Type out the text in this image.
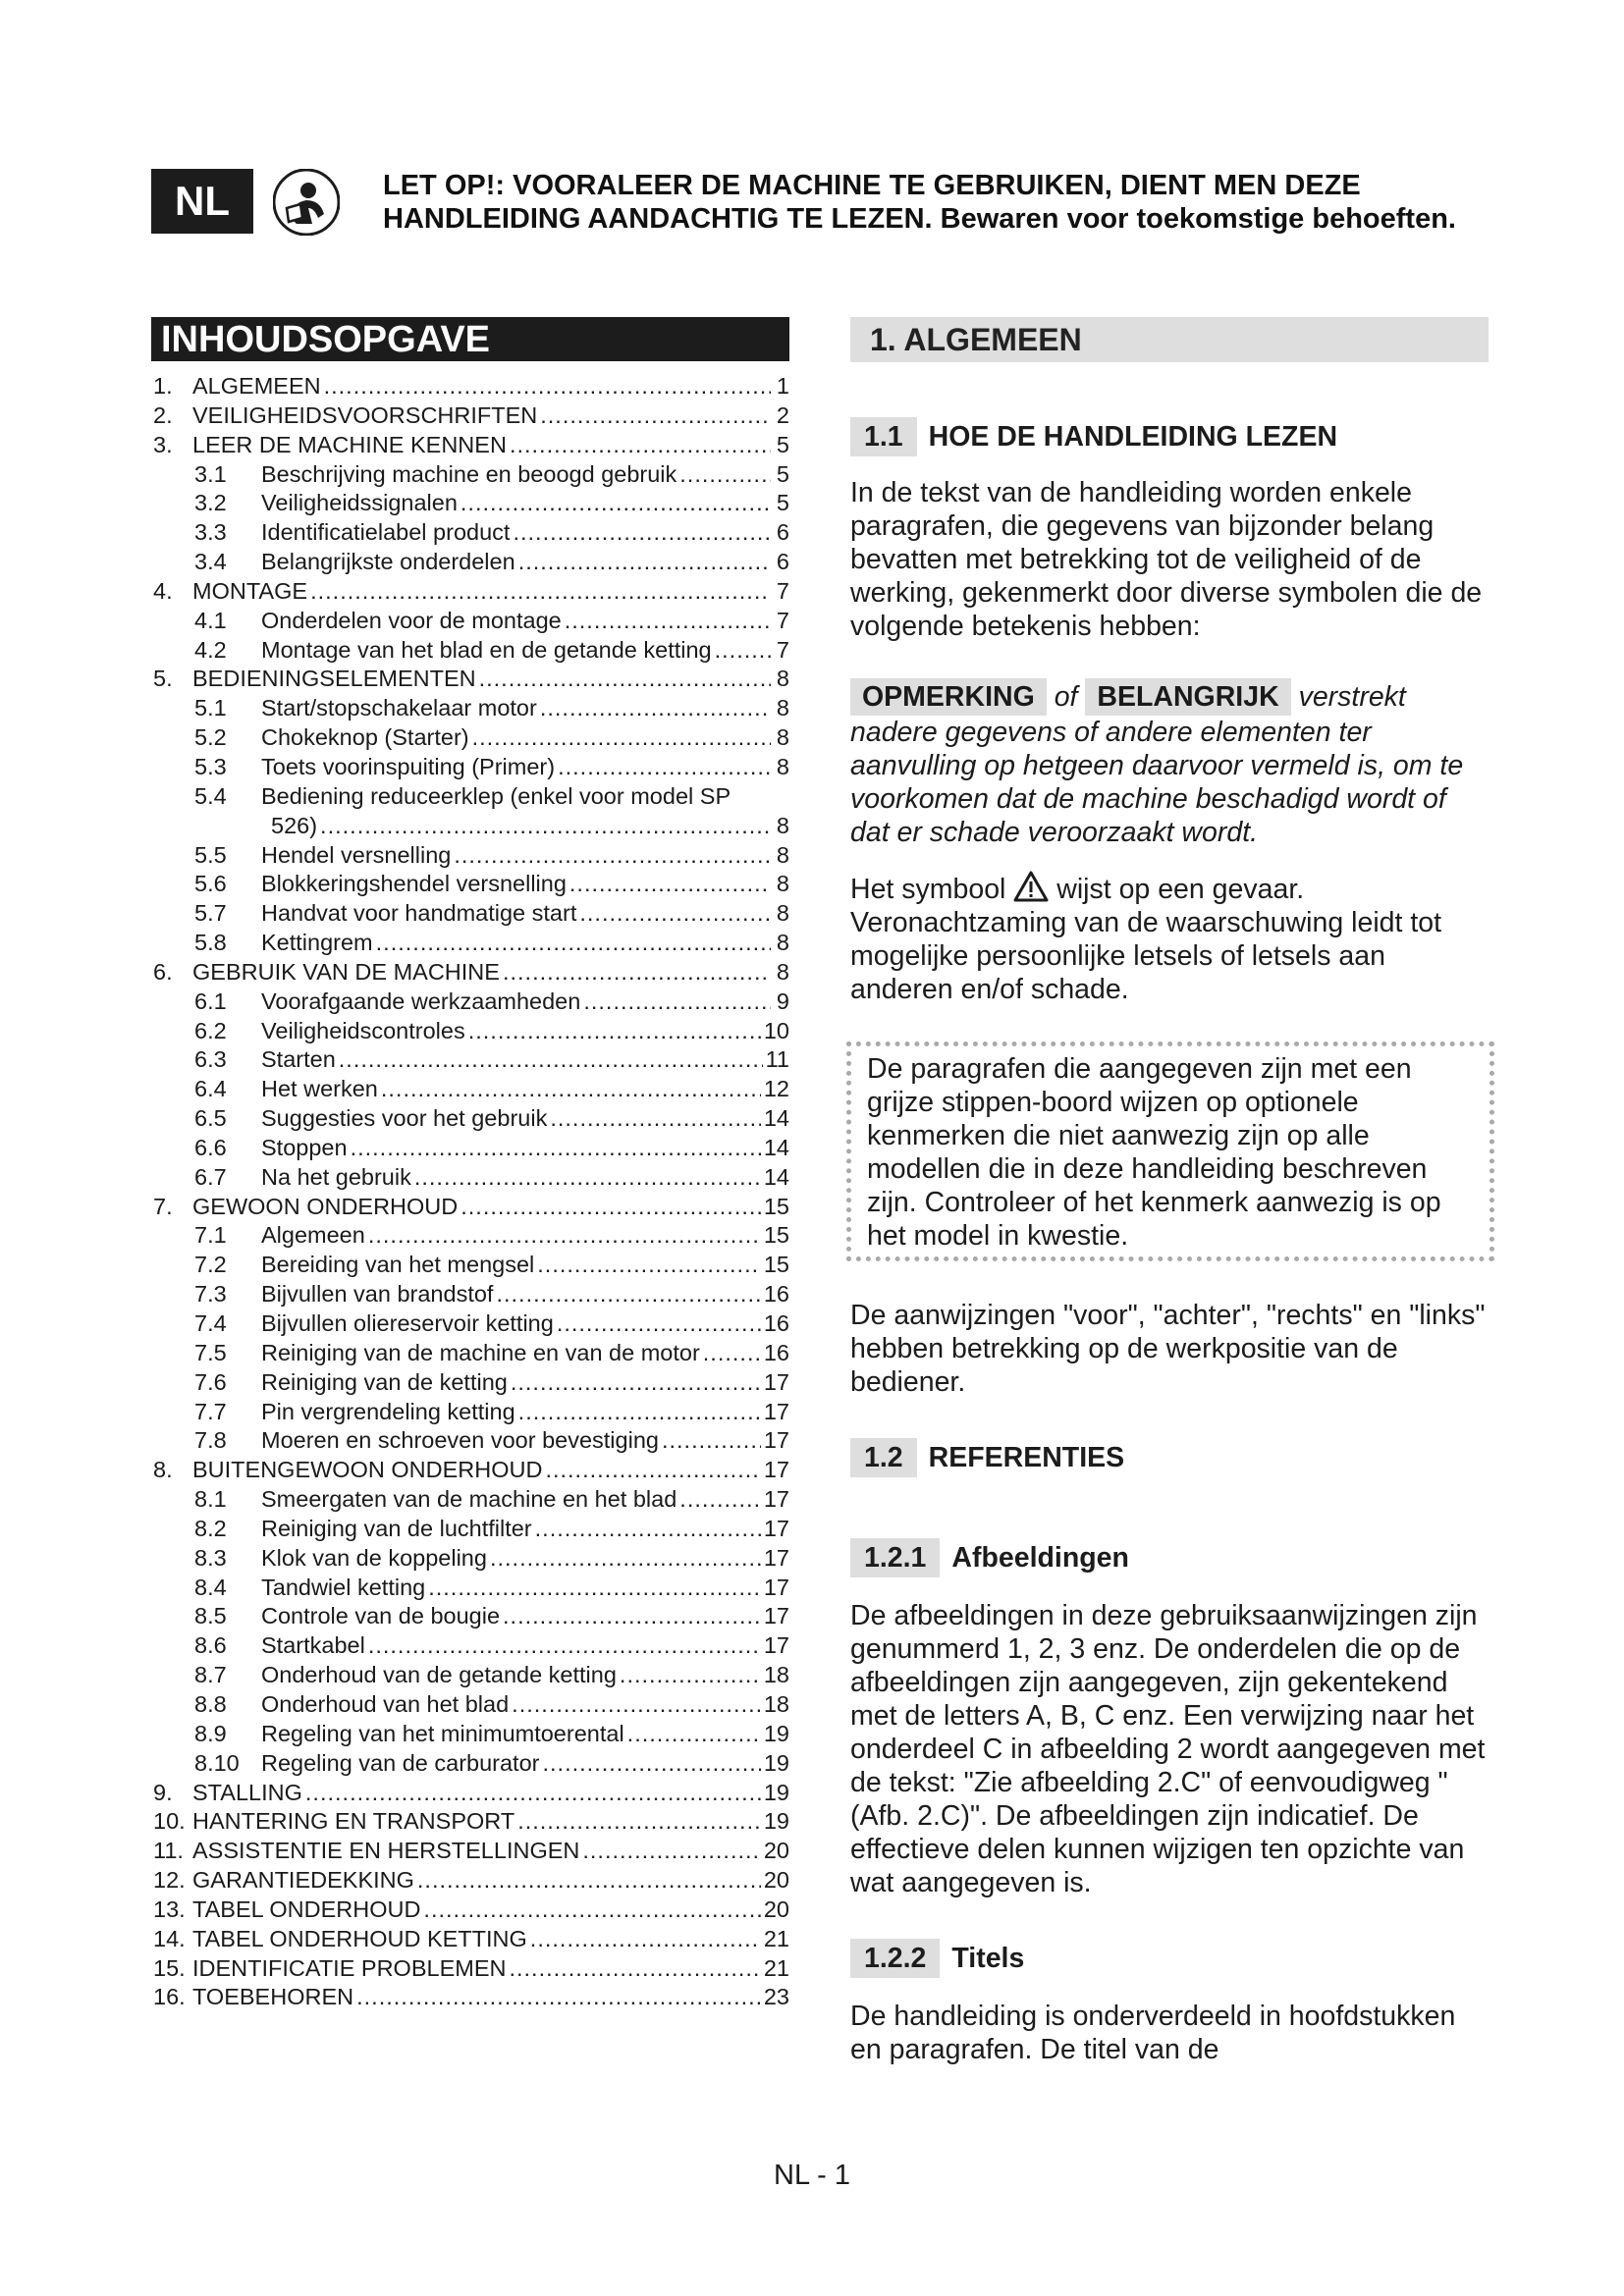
NL	LET OP!: VOORALEER DE MACHINE TE GEBRUIKEN, DIENT MEN DEZE
HANDLEIDING AANDACHTIG TE LEZEN. Bewaren voor toekomstige behoeften.
INHOUDSOPGAVE
1. ALGEMEEN .....	1
2. VEILIGHEIDSVOORSCHRIFTEN .....	2
3. LEER DE MACHINE KENNEN .....	5
3.1	Beschrijving machine en beoogd gebruik .....	5
3.2	Veiligheidssignalen .....	5
3.3	Identificatielabel product .....	6
3.4	Belangrijkste onderdelen .....	6
4. MONTAGE .....	7
4.1	Onderdelen voor de montage .....	7
4.2	Montage van het blad en de getande ketting .....	7
5. BEDIENINGSELEMENTEN .....	8
5.1	Start/stopschakelaar motor .....	8
5.2	Chokeknop (Starter) .....	8
5.3	Toets voorinspuiting (Primer) .....	8
5.4	Bediening reduceerklep (enkel voor model SP
526) .....	8
5.5	Hendel versnelling .....	8
5.6	Blokkeringshendel versnelling .....	8
5.7	Handvat voor handmatige start .....	8
5.8	Kettingrem .....	8
6. GEBRUIK VAN DE MACHINE .....	8
6.1	Voorafgaande werkzaamheden .....	9
6.2	Veiligheidscontroles .....	10
6.3	Starten .....	11
6.4	Het werken .....	12
6.5	Suggesties voor het gebruik .....	14
6.6	Stoppen .....	14
6.7	Na het gebruik .....	14
7. GEWOON ONDERHOUD .....	15
7.1	Algemeen .....	15
7.2	Bereiding van het mengsel .....	15
7.3	Bijvullen van brandstof .....	16
7.4	Bijvullen oliereservoir ketting .....	16
7.5	Reiniging van de machine en van de motor .....	16
7.6	Reiniging van de ketting .....	17
7.7	Pin vergrendeling ketting .....	17
7.8	Moeren en schroeven voor bevestiging .....	17
8. BUITENGEWOON ONDERHOUD .....	17
8.1	Smeergaten van de machine en het blad .....	17
8.2	Reiniging van de luchtfilter .....	17
8.3	Klok van de koppeling .....	17
8.4	Tandwiel ketting .....	17
8.5	Controle van de bougie .....	17
8.6	Startkabel .....	17
8.7	Onderhoud van de getande ketting .....	18
8.8	Onderhoud van het blad .....	18
8.9	Regeling van het minimumtoerental .....	19
8.10 Regeling van de carburator .....	19
9. STALLING .....	19
10. HANTERING EN TRANSPORT .....	19
11. ASSISTENTIE EN HERSTELLINGEN .....	20
12. GARANTIEDEKKING .....	20
13. TABEL ONDERHOUD .....	20
14. TABEL ONDERHOUD KETTING .....	21
15. IDENTIFICATIE PROBLEMEN .....	21
16. TOEBEHOREN .....	23
1. ALGEMEEN
1.1 HOE DE HANDLEIDING LEZEN

In de tekst van de handleiding worden enkele paragrafen, die gegevens van bijzonder belang bevatten met betrekking tot de veiligheid of de werking, gekenmerkt door diverse symbolen die de volgende betekenis hebben:

OPMERKING of BELANGRIJK verstrekt nadere gegevens of andere elementen ter aanvulling op hetgeen daarvoor vermeld is, om te voorkomen dat de machine beschadigd wordt of dat er schade veroorzaakt wordt.

Het symbool wijst op een gevaar. Veronachtzaming van de waarschuwing leidt tot mogelijke persoonlijke letsels of letsels aan anderen en/of schade.

De paragrafen die aangegeven zijn met een grijze stippen-boord wijzen op optionele kenmerken die niet aanwezig zijn op alle modellen die in deze handleiding beschreven zijn. Controleer of het kenmerk aanwezig is op het model in kwestie.

De aanwijzingen "voor", "achter", "rechts" en "links" hebben betrekking op de werkpositie van de bediener.

1.2 REFERENTIES
1.2.1 Afbeeldingen

De afbeeldingen in deze gebruiksaanwijzingen zijn genummerd 1, 2, 3 enz. De onderdelen die op de afbeeldingen zijn aangegeven, zijn gekentekend met de letters A, B, C enz. Een verwijzing naar het onderdeel C in afbeelding 2 wordt aangegeven met de tekst: "Zie afbeelding 2.C" of eenvoudigweg "(Afb. 2.C)". De afbeeldingen zijn indicatief. De effectieve delen kunnen wijzigen ten opzichte van wat aangegeven is.

1.2.2 Titels

De handleiding is onderverdeeld in hoofdstukken en paragrafen. De titel van de

NL - 1
